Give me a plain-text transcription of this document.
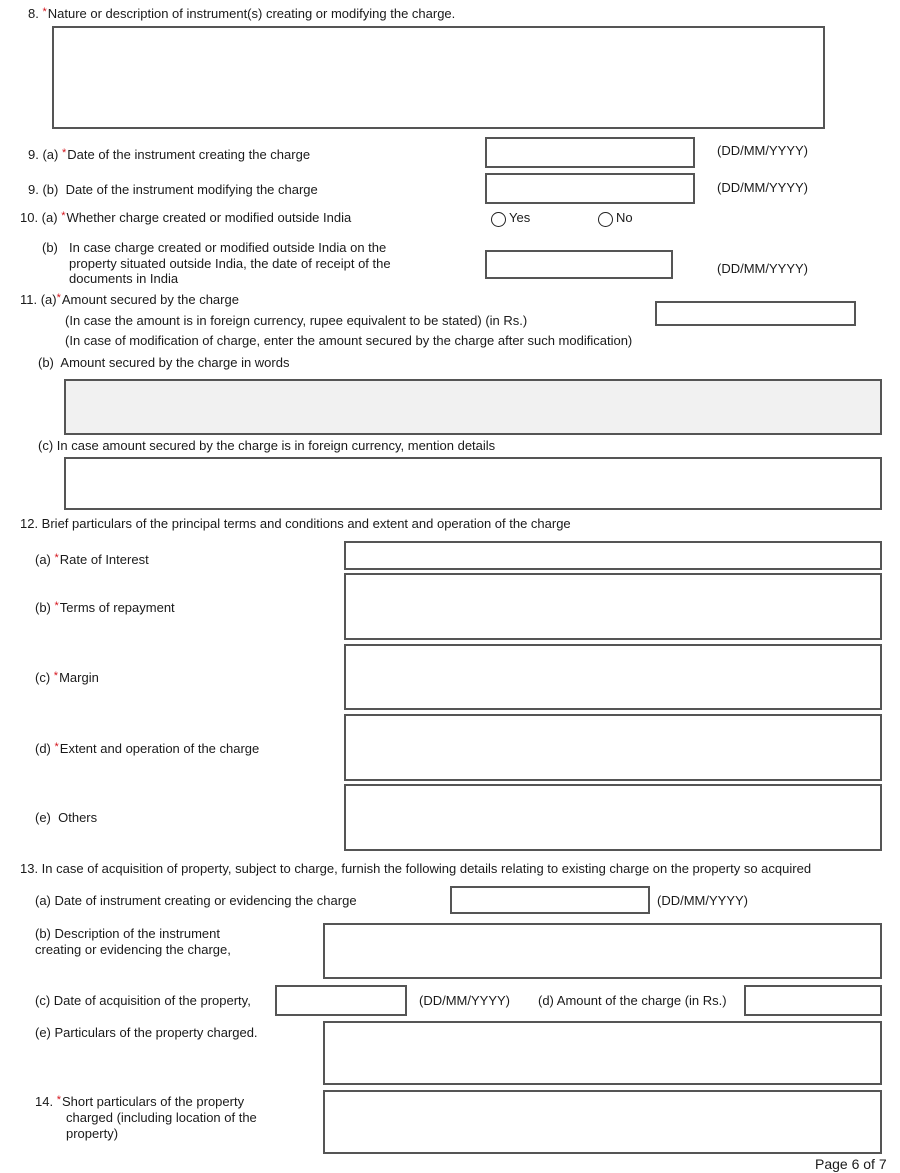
8. *Nature or description of instrument(s) creating or modifying the charge.
9. (a) *Date of the instrument creating the charge	(DD/MM/YYYY)
9. (b) Date of the instrument modifying the charge	(DD/MM/YYYY)
10. (a) *Whether charge created or modified outside India	Yes	No
(b) In case charge created or modified outside India on the
property situated outside India, the date of receipt of the
documents in India
(DD/MM/YYYY)
11. (a)*Amount secured by the charge
(In case the amount is in foreign currency, rupee equivalent to be stated) (in Rs.)
(In case of modification of charge, enter the amount secured by the charge after such modification)
(b) Amount secured by the charge in words
(c) In case amount secured by the charge is in foreign currency, mention details
12. Brief particulars of the principal terms and conditions and extent and operation of the charge
(a) *Rate of Interest
(b) *Terms of repayment
(c) *Margin
(d) *Extent and operation of the charge
(e) Others
13. In case of acquisition of property, subject to charge, furnish the following details relating to existing charge on the property so acquired
(a) Date of instrument creating or evidencing the charge	(DD/MM/YYYY)
(b) Description of the instrument
creating or evidencing the charge,
(c) Date of acquisition of the property,	(DD/MM/YYYY) (d) Amount of the charge (in Rs.)
(e) Particulars of the property charged.
14. *Short particulars of the property
charged (including location of the
property)
Page 6 of 7
